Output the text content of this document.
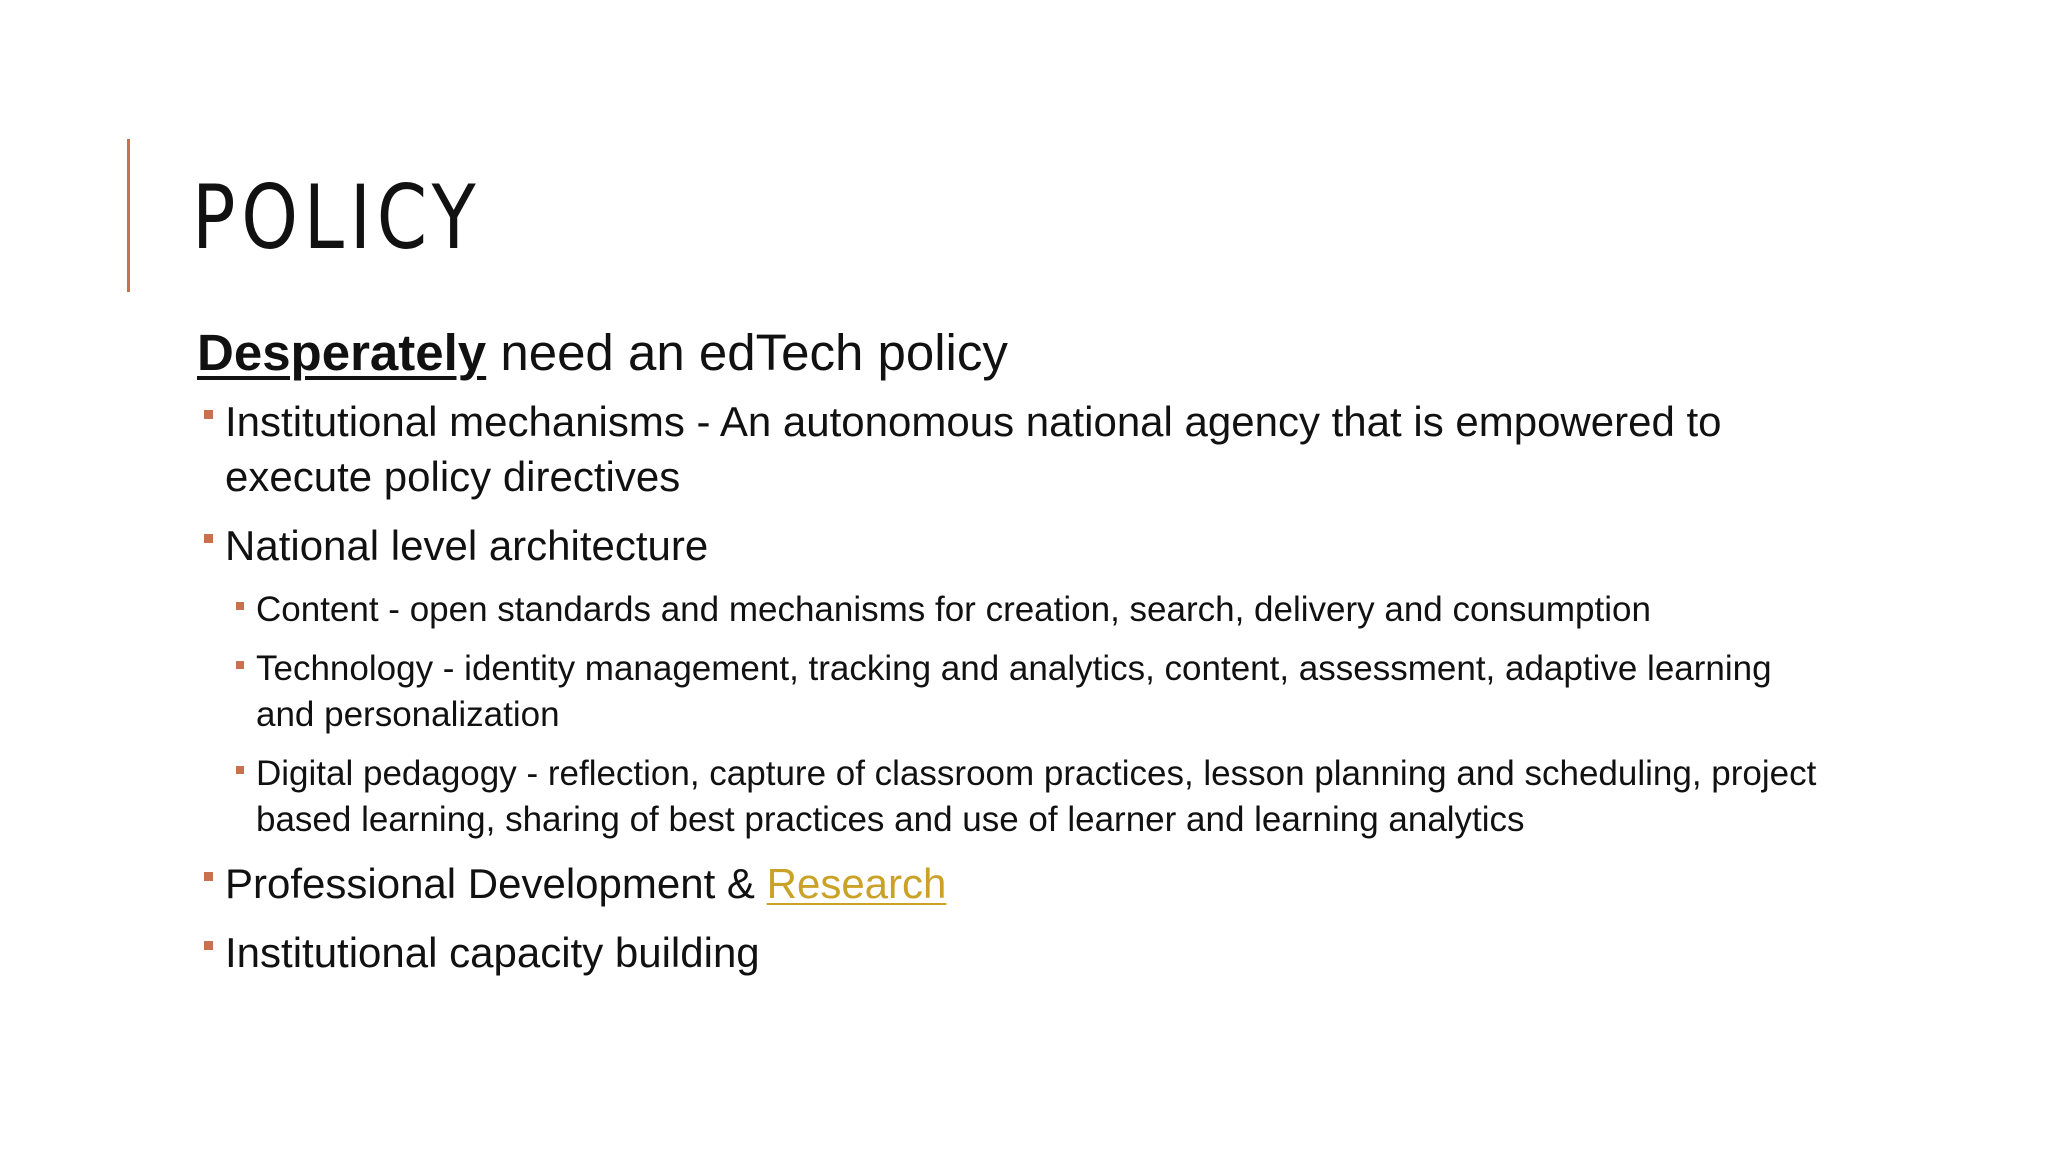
POLICY

Desperately need an edTech policy

Institutional mechanisms - An autonomous national agency that is empowered to execute policy directives
National level architecture
Content - open standards and mechanisms for creation, search, delivery and consumption
Technology - identity management, tracking and analytics, content, assessment, adaptive learning and personalization
Digital pedagogy - reflection, capture of classroom practices, lesson planning and scheduling, project based learning, sharing of best practices and use of learner and learning analytics
Professional Development & Research
Institutional capacity building
